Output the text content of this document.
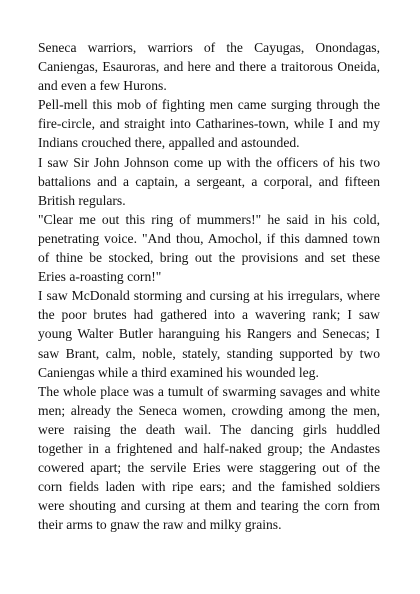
Seneca warriors, warriors of the Cayugas, Onondagas, Caniengas, Esauroras, and here and there a traitorous Oneida, and even a few Hurons.

Pell-mell this mob of fighting men came surging through the fire-circle, and straight into Catharines-town, while I and my Indians crouched there, appalled and astounded.

I saw Sir John Johnson come up with the officers of his two battalions and a captain, a sergeant, a corporal, and fifteen British regulars.

"Clear me out this ring of mummers!" he said in his cold, penetrating voice. "And thou, Amochol, if this damned town of thine be stocked, bring out the provisions and set these Eries a-roasting corn!"

I saw McDonald storming and cursing at his irregulars, where the poor brutes had gathered into a wavering rank; I saw young Walter Butler haranguing his Rangers and Senecas; I saw Brant, calm, noble, stately, standing supported by two Caniengas while a third examined his wounded leg.

The whole place was a tumult of swarming savages and white men; already the Seneca women, crowding among the men, were raising the death wail. The dancing girls huddled together in a frightened and half-naked group; the Andastes cowered apart; the servile Eries were staggering out of the corn fields laden with ripe ears; and the famished soldiers were shouting and cursing at them and tearing the corn from their arms to gnaw the raw and milky grains.
